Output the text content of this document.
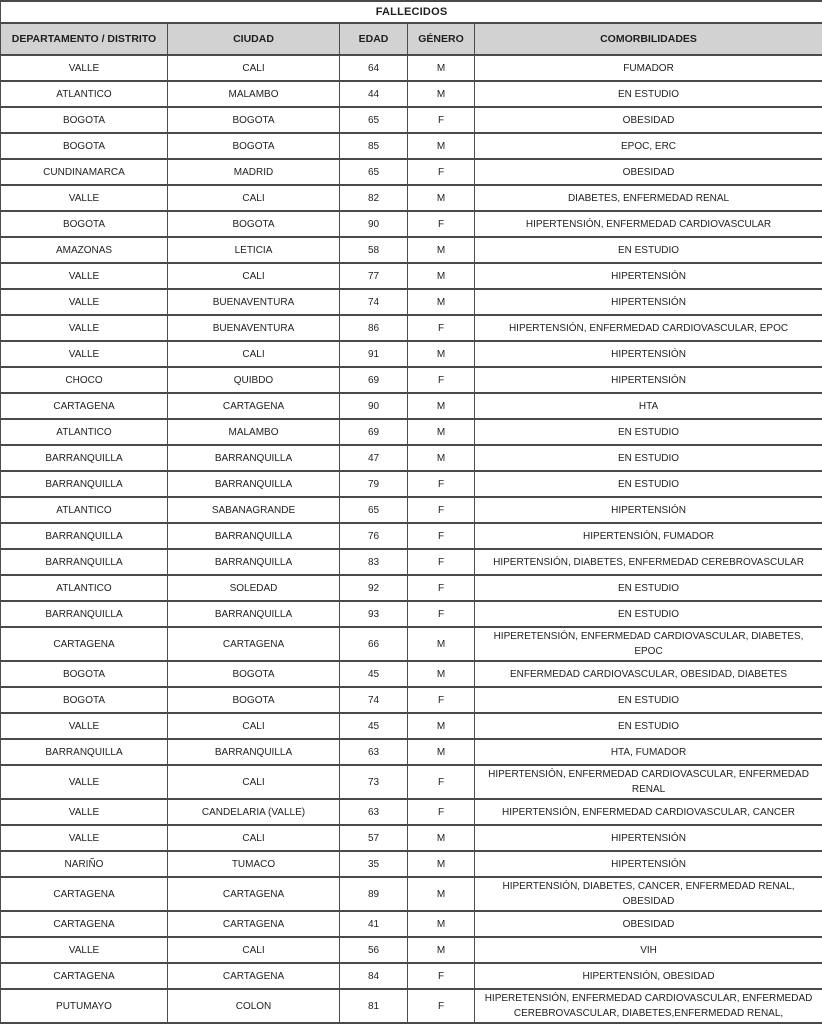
FALLECIDOS				
DEPARTAMENTO / DISTRITO	CIUDAD	EDAD	GÉNERO	COMORBILIDADES
VALLE	CALI	64	M	FUMADOR
ATLANTICO	MALAMBO	44	M	EN ESTUDIO
BOGOTA	BOGOTA	65	F	OBESIDAD
BOGOTA	BOGOTA	85	M	EPOC, ERC
CUNDINAMARCA	MADRID	65	F	OBESIDAD
VALLE	CALI	82	M	DIABETES, ENFERMEDAD RENAL
BOGOTA	BOGOTA	90	F	HIPERTENSIÓN, ENFERMEDAD CARDIOVASCULAR
AMAZONAS	LETICIA	58	M	EN ESTUDIO
VALLE	CALI	77	M	HIPERTENSIÓN
VALLE	BUENAVENTURA	74	M	HIPERTENSIÓN
VALLE	BUENAVENTURA	86	F	HIPERTENSIÓN, ENFERMEDAD CARDIOVASCULAR, EPOC
VALLE	CALI	91	M	HIPERTENSIÓN
CHOCO	QUIBDO	69	F	HIPERTENSIÓN
CARTAGENA	CARTAGENA	90	M	HTA
ATLANTICO	MALAMBO	69	M	EN ESTUDIO
BARRANQUILLA	BARRANQUILLA	47	M	EN ESTUDIO
BARRANQUILLA	BARRANQUILLA	79	F	EN ESTUDIO
ATLANTICO	SABANAGRANDE	65	F	HIPERTENSIÓN
BARRANQUILLA	BARRANQUILLA	76	F	HIPERTENSIÓN, FUMADOR
BARRANQUILLA	BARRANQUILLA	83	F	HIPERTENSIÓN, DIABETES, ENFERMEDAD CEREBROVASCULAR
ATLANTICO	SOLEDAD	92	F	EN ESTUDIO
BARRANQUILLA	BARRANQUILLA	93	F	EN ESTUDIO
CARTAGENA	CARTAGENA	66	M	HIPERETENSIÓN, ENFERMEDAD CARDIOVASCULAR, DIABETES, EPOC
BOGOTA	BOGOTA	45	M	ENFERMEDAD CARDIOVASCULAR, OBESIDAD, DIABETES
BOGOTA	BOGOTA	74	F	EN ESTUDIO
VALLE	CALI	45	M	EN ESTUDIO
BARRANQUILLA	BARRANQUILLA	63	M	HTA, FUMADOR
VALLE	CALI	73	F	HIPERTENSIÓN, ENFERMEDAD CARDIOVASCULAR, ENFERMEDAD RENAL
VALLE	CANDELARIA (VALLE)	63	F	HIPERTENSIÓN, ENFERMEDAD CARDIOVASCULAR, CANCER
VALLE	CALI	57	M	HIPERTENSIÓN
NARIÑO	TUMACO	35	M	HIPERTENSIÓN
CARTAGENA	CARTAGENA	89	M	HIPERTENSIÓN, DIABETES, CANCER, ENFERMEDAD RENAL, OBESIDAD
CARTAGENA	CARTAGENA	41	M	OBESIDAD
VALLE	CALI	56	M	VIH
CARTAGENA	CARTAGENA	84	F	HIPERTENSIÓN, OBESIDAD
PUTUMAYO	COLON	81	F	HIPERETENSIÓN, ENFERMEDAD CARDIOVASCULAR, ENFERMEDAD CEREBROVASCULAR, DIABETES,ENFERMEDAD RENAL,
